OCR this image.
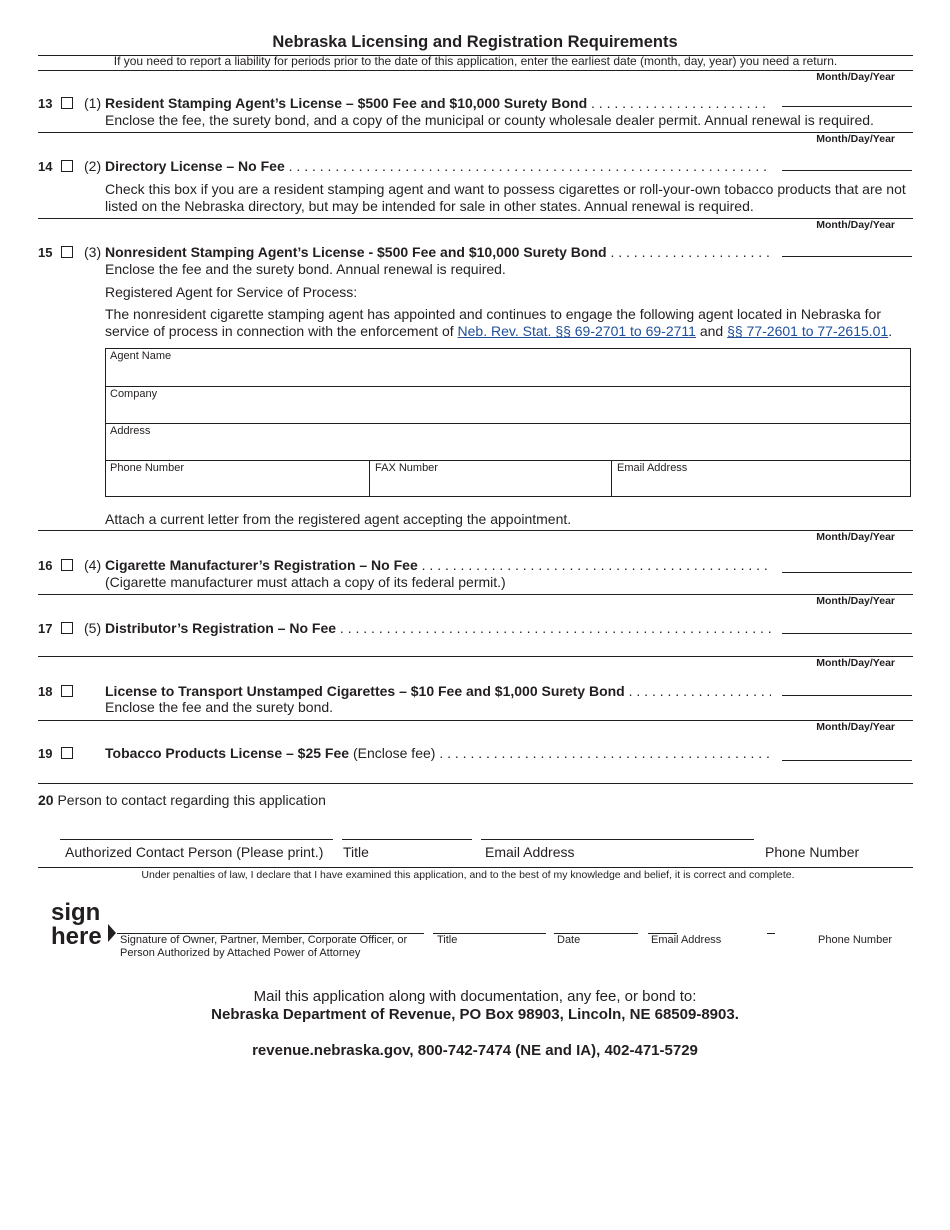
Nebraska Licensing and Registration Requirements
If you need to report a liability for periods prior to the date of this application, enter the earliest date (month, day, year) you need a return.
Month/Day/Year
13 (1) Resident Stamping Agent’s License – $500 Fee and $10,000 Surety Bond . . .
Enclose the fee, the surety bond, and a copy of the municipal or county wholesale dealer permit. Annual renewal is required.
Month/Day/Year
14 (2) Directory License – No Fee . . .
Check this box if you are a resident stamping agent and want to possess cigarettes or roll-your-own tobacco products that are not listed on the Nebraska directory, but may be intended for sale in other states. Annual renewal is required.
Month/Day/Year
15 (3) Nonresident Stamping Agent’s License - $500 Fee and $10,000 Surety Bond . . .
Enclose the fee and the surety bond. Annual renewal is required.
Registered Agent for Service of Process:
The nonresident cigarette stamping agent has appointed and continues to engage the following agent located in Nebraska for service of process in connection with the enforcement of Neb. Rev. Stat. §§ 69-2701 to 69-2711 and §§ 77-2601 to 77-2615.01.
Agent Name
Company
Address
Phone Number	FAX Number	Email Address
Attach a current letter from the registered agent accepting the appointment.
Month/Day/Year
16 (4) Cigarette Manufacturer’s Registration – No Fee . . .
(Cigarette manufacturer must attach a copy of its federal permit.)
Month/Day/Year
17 (5) Distributor’s Registration – No Fee . . .
Month/Day/Year
18	License to Transport Unstamped Cigarettes – $10 Fee and $1,000 Surety Bond . . .
Enclose the fee and the surety bond.
Month/Day/Year
19	Tobacco Products License – $25 Fee (Enclose fee) . . .
20 Person to contact regarding this application
Authorized Contact Person (Please print.) Title	Email Address	Phone Number
Under penalties of law, I declare that I have examined this application, and to the best of my knowledge and belief, it is correct and complete.
sign
here Signature of Owner, Partner, Member, Corporate Officer, or
Person Authorized by Attached Power of Attorney
Title	Date	Email Address	Phone Number
Mail this application along with documentation, any fee, or bond to:
Nebraska Department of Revenue, PO Box 98903, Lincoln, NE 68509-8903.
revenue.nebraska.gov, 800-742-7474 (NE and IA), 402-471-5729
